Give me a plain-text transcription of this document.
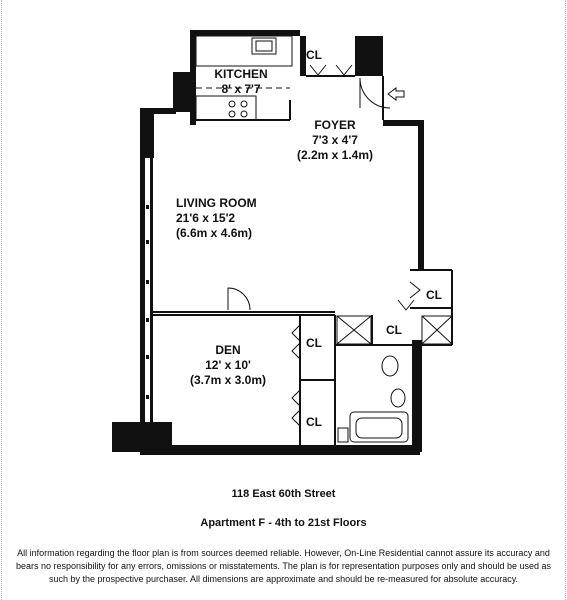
KITCHEN
8' x 7'7
FOYER
7'3 x 4'7
(2.2m x 1.4m)
LIVING ROOM
21'6 x 15'2
(6.6m x 4.6m)
DEN
12' x 10'
(3.7m x 3.0m)
CL
CL
CL
CL
CL
118 East 60th Street
Apartment F - 4th to 21st Floors
All information regarding the floor plan is from sources deemed reliable. However, On-Line Residential cannot assure its accuracy and bears no responsibility for any errors, omissions or misstatements. The plan is for representation purposes only and should be used as such by the prospective purchaser. All dimensions are approximate and should be re-measured for absolute accuracy.
